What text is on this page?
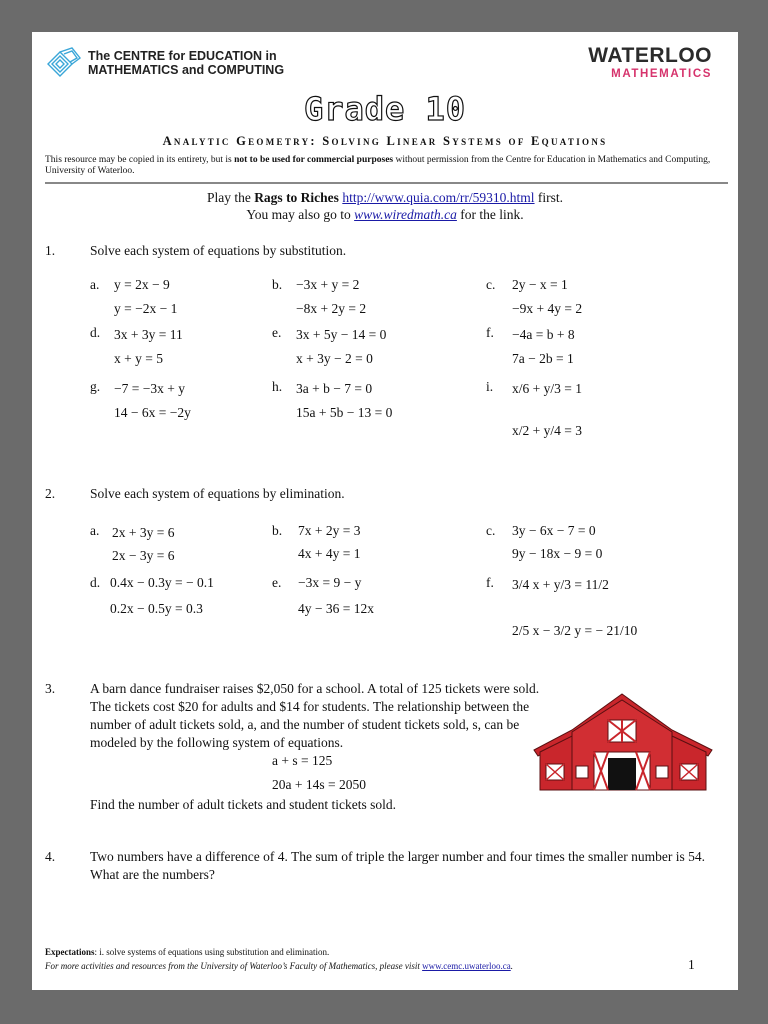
The CENTRE for EDUCATION in
MATHEMATICS and COMPUTING
WATERLOO
MATHEMATICS
Grade 10
Analytic Geometry: Solving Linear Systems of Equations
This resource may be copied in its entirety, but is not to be used for commercial purposes without permission from the Centre for Education in Mathematics and Computing, University of Waterloo.
Play the Rags to Riches http://www.quia.com/rr/59310.html first.
You may also go to www.wiredmath.ca for the link.
1.	Solve each system of equations by substitution.
a. y = 2x − 9
y = −2x − 1
b. −3x + y = 2
−8x + 2y = 2
c. 2y − x = 1
−9x + 4y = 2
d. 3x + 3y = 11
x + y = 5
e. 3x + 5y − 14 = 0
x + 3y − 2 = 0
f. −4a = b + 8
7a − 2b = 1
g. −7 = −3x + y
14 − 6x = −2y
h. 3a + b − 7 = 0
15a + 5b − 13 = 0
i. x/6 + y/3 = 1
x/2 + y/4 = 3
2.	Solve each system of equations by elimination.
a. 2x + 3y = 6
2x − 3y = 6
b. 7x + 2y = 3
4x + 4y = 1
c. 3y − 6x − 7 = 0
9y − 18x − 9 = 0
d. 0.4x − 0.3y = − 0.1
0.2x − 0.5y = 0.3
e. −3x = 9 − y
4y − 36 = 12x
f. 3/4 x + y/3 = 11/2
2/5 x − 3/2 y = − 21/10
3.	A barn dance fundraiser raises $2,050 for a school. A total of 125 tickets were sold. The tickets cost $20 for adults and $14 for students. The relationship between the number of adult tickets sold, a, and the number of student tickets sold, s, can be modeled by the following system of equations.
a + s = 125
20a + 14s = 2050
Find the number of adult tickets and student tickets sold.
4.	Two numbers have a difference of 4. The sum of triple the larger number and four times the smaller number is 54. What are the numbers?
Expectations: i. solve systems of equations using substitution and elimination.
For more activities and resources from the University of Waterloo’s Faculty of Mathematics, please visit www.cemc.uwaterloo.ca.	1
